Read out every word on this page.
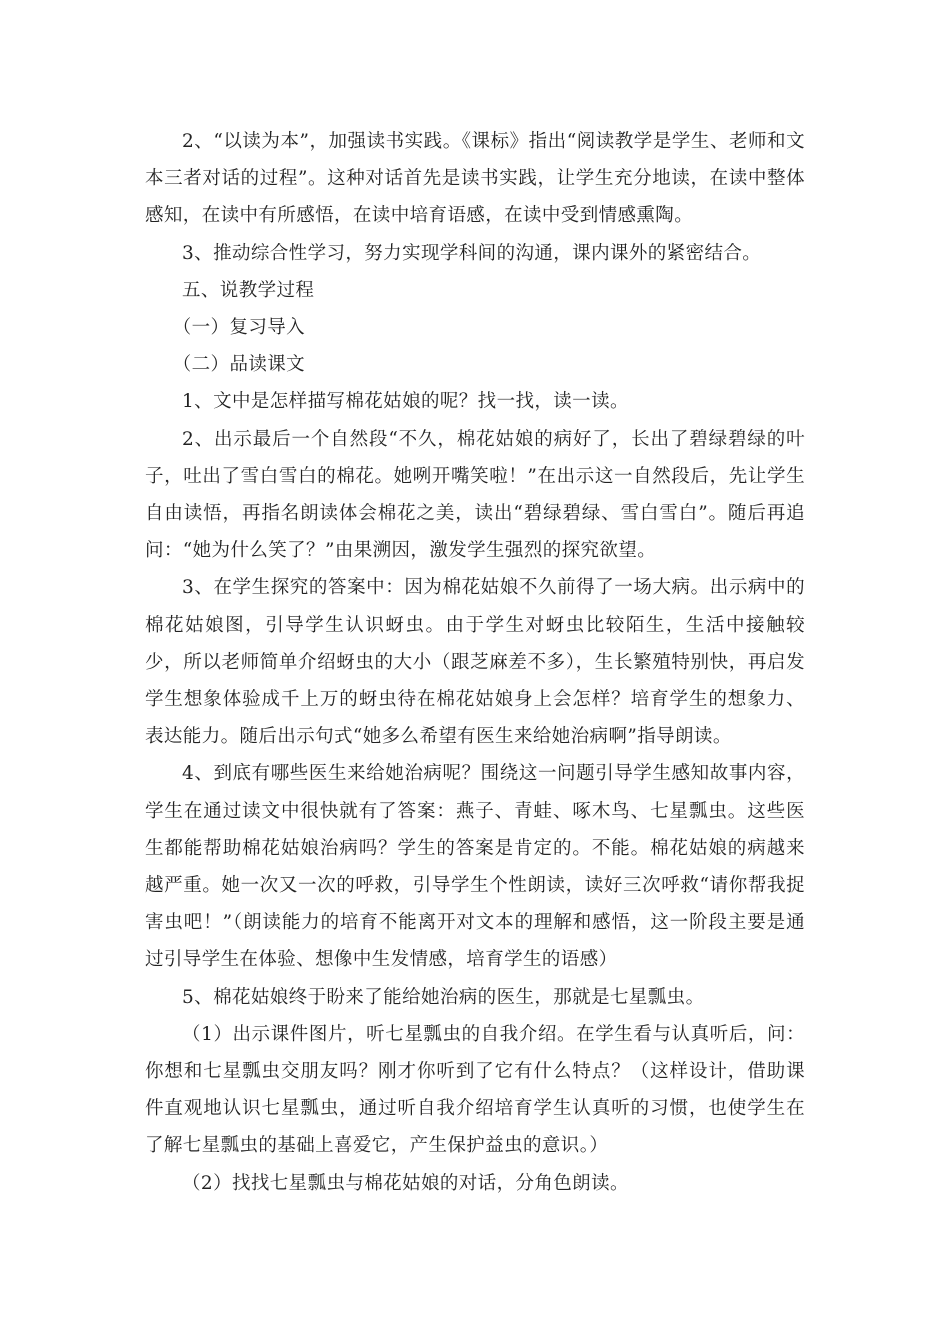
2、“以读为本”，加强读书实践。《课标》指出“阅读教学是学生、老师和文本三者对话的过程”。这种对话首先是读书实践，让学生充分地读，在读中整体感知，在读中有所感悟，在读中培育语感，在读中受到情感熏陶。

3、推动综合性学习，努力实现学科间的沟通，课内课外的紧密结合。

五、说教学过程

（一）复习导入

（二）品读课文

1、文中是怎样描写棉花姑娘的呢？找一找，读一读。

2、出示最后一个自然段“不久，棉花姑娘的病好了，长出了碧绿碧绿的叶子，吐出了雪白雪白的棉花。她咧开嘴笑啦！”在出示这一自然段后，先让学生自由读悟，再指名朗读体会棉花之美，读出“碧绿碧绿、雪白雪白”。随后再追问：“她为什么笑了？”由果溯因，激发学生强烈的探究欲望。

3、在学生探究的答案中：因为棉花姑娘不久前得了一场大病。出示病中的棉花姑娘图，引导学生认识蚜虫。由于学生对蚜虫比较陌生，生活中接触较少，所以老师简单介绍蚜虫的大小（跟芝麻差不多），生长繁殖特别快，再启发学生想象体验成千上万的蚜虫待在棉花姑娘身上会怎样？培育学生的想象力、表达能力。随后出示句式“她多么希望有医生来给她治病啊”指导朗读。

4、到底有哪些医生来给她治病呢？围绕这一问题引导学生感知故事内容，学生在通过读文中很快就有了答案：燕子、青蛙、啄木鸟、七星瓢虫。这些医生都能帮助棉花姑娘治病吗？学生的答案是肯定的。不能。棉花姑娘的病越来越严重。她一次又一次的呼救，引导学生个性朗读，读好三次呼救“请你帮我捉害虫吧！”（朗读能力的培育不能离开对文本的理解和感悟，这一阶段主要是通过引导学生在体验、想像中生发情感，培育学生的语感）

5、棉花姑娘终于盼来了能给她治病的医生，那就是七星瓢虫。

（1）出示课件图片，听七星瓢虫的自我介绍。在学生看与认真听后，问：你想和七星瓢虫交朋友吗？刚才你听到了它有什么特点？（这样设计，借助课件直观地认识七星瓢虫，通过听自我介绍培育学生认真听的习惯，也使学生在了解七星瓢虫的基础上喜爱它，产生保护益虫的意识。）

（2）找找七星瓢虫与棉花姑娘的对话，分角色朗读。
